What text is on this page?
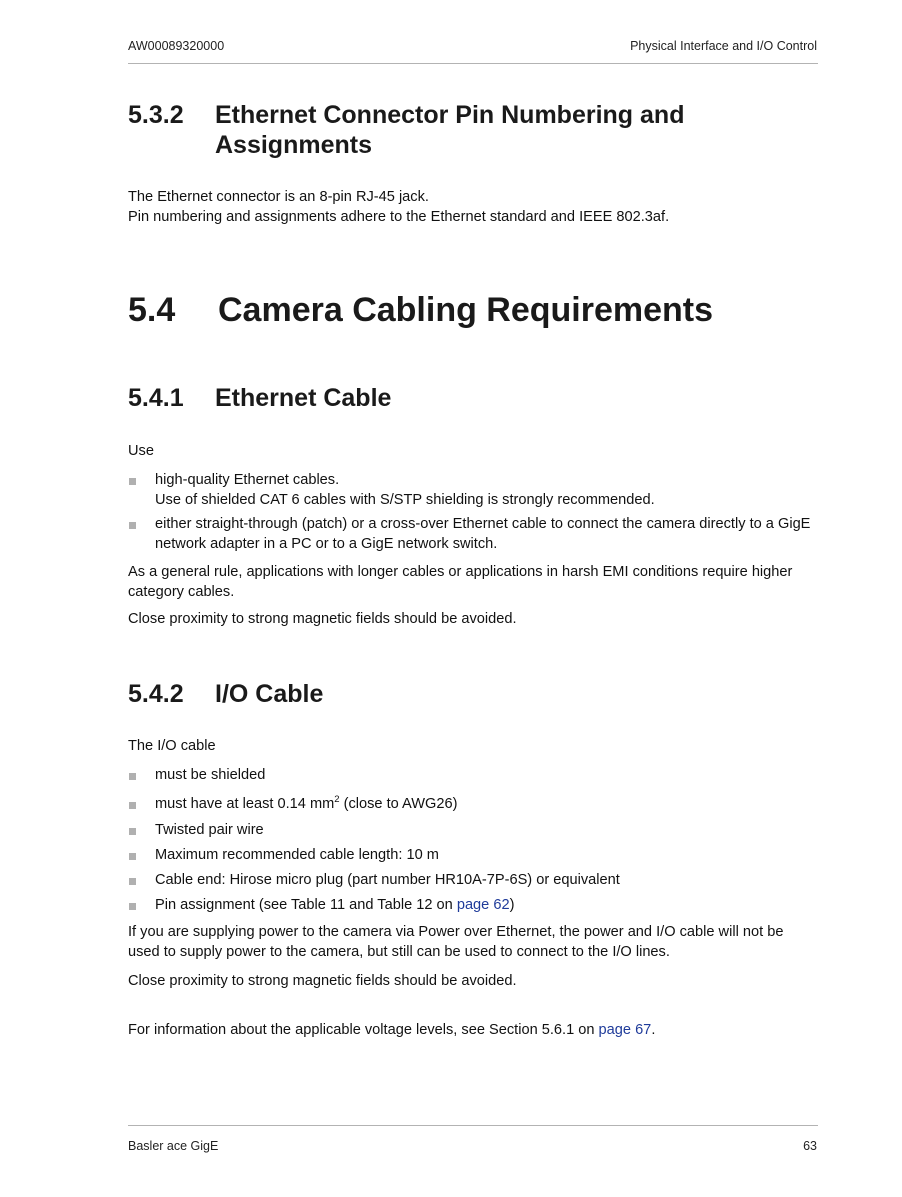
AW00089320000	Physical Interface and I/O Control
5.3.2 Ethernet Connector Pin Numbering and Assignments
The Ethernet connector is an 8-pin RJ-45 jack.
Pin numbering and assignments adhere to the Ethernet standard and IEEE 802.3af.
5.4 Camera Cabling Requirements
5.4.1 Ethernet Cable
Use
high-quality Ethernet cables.
Use of shielded CAT 6 cables with S/STP shielding is strongly recommended.
either straight-through (patch) or a cross-over Ethernet cable to connect the camera directly to a GigE network adapter in a PC or to a GigE network switch.
As a general rule, applications with longer cables or applications in harsh EMI conditions require higher category cables.
Close proximity to strong magnetic fields should be avoided.
5.4.2 I/O Cable
The I/O cable
must be shielded
must have at least 0.14 $mm^2$ (close to AWG26)
Twisted pair wire
Maximum recommended cable length: 10 m
Cable end: Hirose micro plug (part number HR10A-7P-6S) or equivalent
Pin assignment (see Table 11 and Table 12 on page 62)
If you are supplying power to the camera via Power over Ethernet, the power and I/O cable will not be used to supply power to the camera, but still can be used to connect to the I/O lines.
Close proximity to strong magnetic fields should be avoided.
For information about the applicable voltage levels, see Section 5.6.1 on page 67.
Basler ace GigE	63
